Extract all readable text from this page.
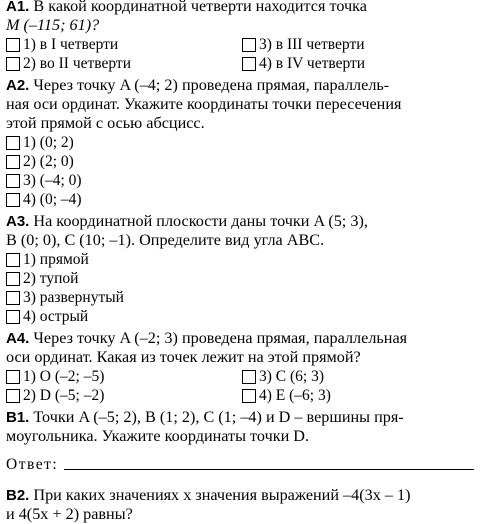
A1. В какой координатной четверти находится точка
M (–115; 61)?
1) в I четверти
2) во II четверти
3) в III четверти
4) в IV четверти
A2. Через точку A (–4; 2) проведена прямая, параллель-
ная оси ординат. Укажите координаты точки пересечения
этой прямой с осью абсцисс.
1) (0; 2)
2) (2; 0)
3) (–4; 0)
4) (0; –4)
A3. На координатной плоскости даны точки A (5; 3),
B (0; 0), C (10; –1). Определите вид угла ABC.
1) прямой
2) тупой
3) развернутый
4) острый
A4. Через точку A (–2; 3) проведена прямая, параллельная
оси ординат. Какая из точек лежит на этой прямой?
1) O (–2; –5)
2) D (–5; –2)
3) C (6; 3)
4) E (–6; 3)
B1. Точки A (–5; 2), B (1; 2), C (1; –4) и D – вершины пря-
моугольника. Укажите координаты точки D.
Ответ:
B2. При каких значениях x значения выражений –4(3x – 1)
и 4(5x + 2) равны?
